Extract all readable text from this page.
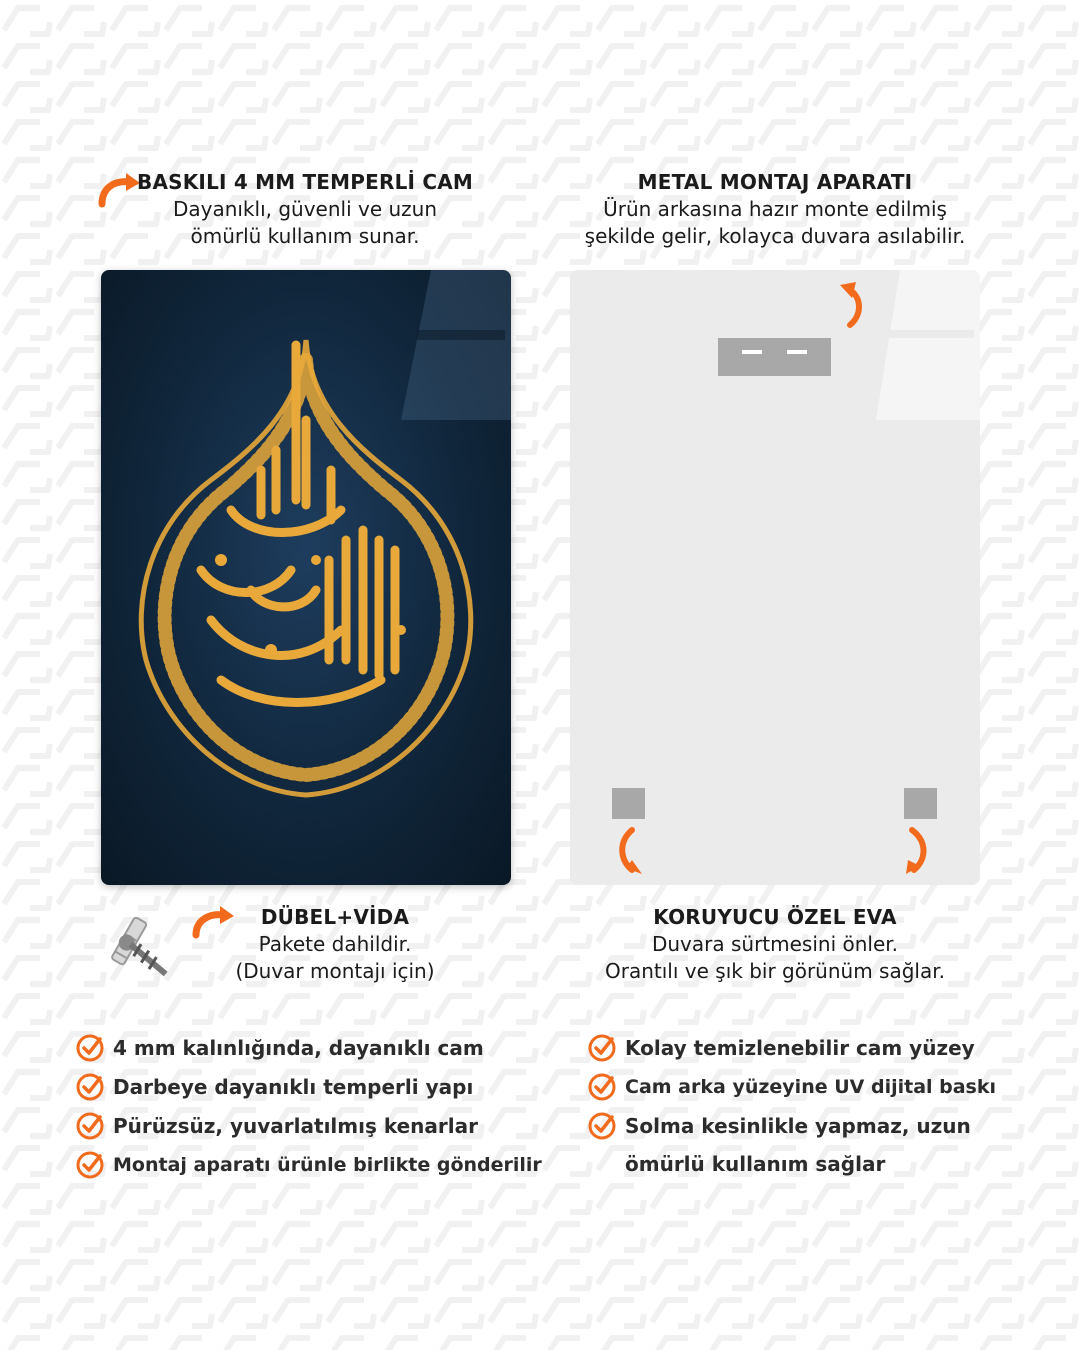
BASKILI 4 MM TEMPERLİ CAM
Dayanıklı, güvenli ve uzun
ömürlü kullanım sunar.
METAL MONTAJ APARATI
Ürün arkasına hazır monte edilmiş
şekilde gelir, kolayca duvara asılabilir.
DÜBEL+VİDA
Pakete dahildir.
(Duvar montajı için)
KORUYUCU ÖZEL EVA
Duvara sürtmesini önler.
Orantılı ve şık bir görünüm sağlar.
4 mm kalınlığında, dayanıklı cam
Darbeye dayanıklı temperli yapı
Pürüzsüz, yuvarlatılmış kenarlar
Montaj aparatı ürünle birlikte gönderilir
Kolay temizlenebilir cam yüzey
Cam arka yüzeyine UV dijital baskı
Solma kesinlikle yapmaz, uzun
ömürlü kullanım sağlar
